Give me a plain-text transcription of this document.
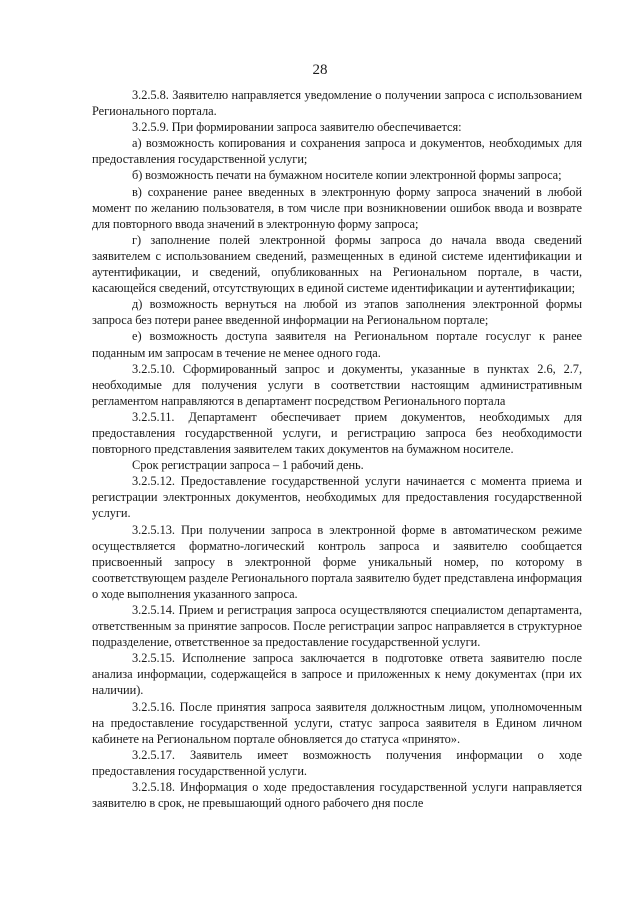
28

3.2.5.8. Заявителю направляется уведомление о получении запроса с использованием Регионального портала.

3.2.5.9. При формировании запроса заявителю обеспечивается:

а) возможность копирования и сохранения запроса и документов, необходимых для предоставления государственной услуги;

б) возможность печати на бумажном носителе копии электронной формы запроса;

в) сохранение ранее введенных в электронную форму запроса значений в любой момент по желанию пользователя, в том числе при возникновении ошибок ввода и возврате для повторного ввода значений в электронную форму запроса;

г) заполнение полей электронной формы запроса до начала ввода сведений заявителем с использованием сведений, размещенных в единой системе идентификации и аутентификации, и сведений, опубликованных на Региональном портале, в части, касающейся сведений, отсутствующих в единой системе идентификации и аутентификации;

д) возможность вернуться на любой из этапов заполнения электронной формы запроса без потери ранее введенной информации на Региональном портале;

е) возможность доступа заявителя на Региональном портале госуслуг к ранее поданным им запросам в течение не менее одного года.

3.2.5.10. Сформированный запрос и документы, указанные в пунктах 2.6, 2.7, необходимые для получения услуги в соответствии настоящим административным регламентом направляются в департамент посредством Регионального портала

3.2.5.11. Департамент обеспечивает прием документов, необходимых для предоставления государственной услуги, и регистрацию запроса без необходимости повторного представления заявителем таких документов на бумажном носителе.

Срок регистрации запроса – 1 рабочий день.

3.2.5.12. Предоставление государственной услуги начинается с момента приема и регистрации электронных документов, необходимых для предоставления государственной услуги.

3.2.5.13. При получении запроса в электронной форме в автоматическом режиме осуществляется форматно-логический контроль запроса и заявителю сообщается присвоенный запросу в электронной форме уникальный номер, по которому в соответствующем разделе Регионального портала заявителю будет представлена информация о ходе выполнения указанного запроса.

3.2.5.14. Прием и регистрация запроса осуществляются специалистом департамента, ответственным за принятие запросов. После регистрации запрос направляется в структурное подразделение, ответственное за предоставление государственной услуги.

3.2.5.15. Исполнение запроса заключается в подготовке ответа заявителю после анализа информации, содержащейся в запросе и приложенных к нему документах (при их наличии).

3.2.5.16. После принятия запроса заявителя должностным лицом, уполномоченным на предоставление государственной услуги, статус запроса заявителя в Едином личном кабинете на Региональном портале обновляется до статуса «принято».

3.2.5.17. Заявитель имеет возможность получения информации о ходе предоставления государственной услуги.

3.2.5.18. Информация о ходе предоставления государственной услуги направляется заявителю в срок, не превышающий одного рабочего дня после
